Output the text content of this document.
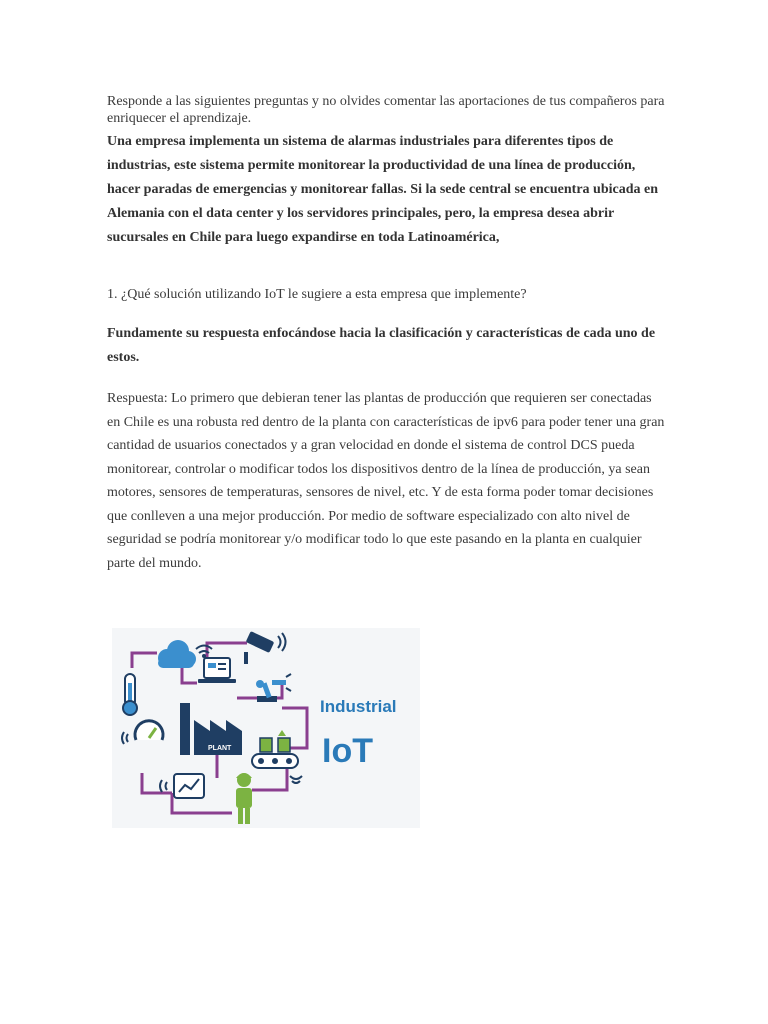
Responde a las siguientes preguntas y no olvides comentar las aportaciones de tus compañeros para enriquecer el aprendizaje.

Una empresa implementa un sistema de alarmas industriales para diferentes tipos de industrias, este sistema permite monitorear la productividad de una línea de producción, hacer paradas de emergencias y monitorear fallas. Si la sede central se encuentra ubicada en Alemania con el data center y los servidores principales, pero, la empresa desea abrir sucursales en Chile para luego expandirse en toda Latinoamérica,

1. ¿Qué solución utilizando IoT le sugiere a esta empresa que implemente?

Fundamente su respuesta enfocándose hacia la clasificación y características de cada uno de estos.

Respuesta: Lo primero que debieran tener las plantas de producción que requieren ser conectadas en Chile es una robusta red dentro de la planta con características de ipv6 para poder tener una gran cantidad de usuarios conectados y a gran velocidad en donde el sistema de control DCS pueda monitorear, controlar o modificar todos los dispositivos dentro de la línea de producción, ya sean motores, sensores de temperaturas, sensores de nivel, etc. Y de esta forma poder tomar decisiones que conlleven a una mejor producción. Por medio de software especializado con alto nivel de seguridad se podría monitorear y/o modificar todo lo que este pasando en la planta en cualquier parte del mundo.

PLANT
Industrial
IoT
